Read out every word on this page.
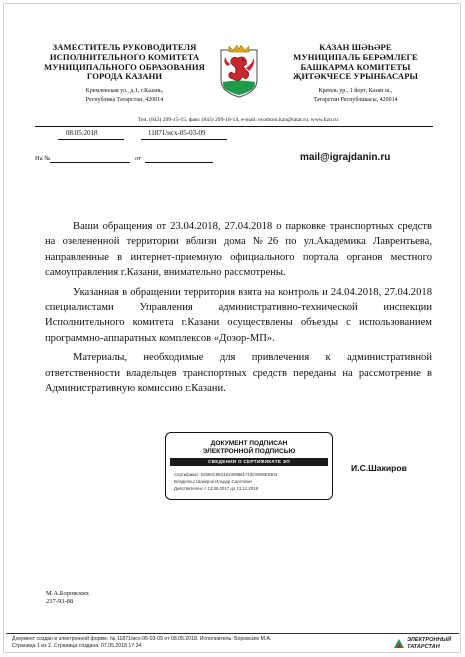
ЗАМЕСТИТЕЛЬ РУКОВОДИТЕЛЯ
ИСПОЛНИТЕЛЬНОГО КОМИТЕТА
МУНИЦИПАЛЬНОГО ОБРАЗОВАНИЯ
ГОРОДА КАЗАНИ
Кремлевская ул., д.1, г.Казань,
Республика Татарстан, 420014
КАЗАН ШӘҺӘРЕ
МУНИЦИПАЛЬ БЕРӘМЛЕГЕ
БАШКАРМА КОМИТЕТЫ
ҖИТӘКЧЕСЕ УРЫНБАСАРЫ
Кремль ур., 1 йорт, Казан ш.,
Татарстан Республикасы, 420014
Тел. (843) 299-15-15, факс (843) 299-18-14, e-mail: ecomom.kzn@tatar.ru, www.kzn.ru
08.05.2018	11871/исх-05-03-09
На №	от	mail@igrajdanin.ru

Ваши обращения от 23.04.2018, 27.04.2018 о парковке транспортных средств на озелененной территории вблизи дома №26 по ул.Академика Лаврентьева, направленные в интернет-приемную официального портала органов местного самоуправления г.Казани, внимательно рассмотрены.

Указанная в обращении территория взята на контроль и 24.04.2018, 27.04.2018 специалистами Управления административно-технической инспекции Исполнительного комитета г.Казани осуществлены объезды с использованием программно-аппаратных комплексов «Дозор-МП».

Материалы, необходимые для привлечения к административной ответственности владельцев транспортных средств переданы на рассмотрение в Административную комиссию г.Казани.

ДОКУМЕНТ ПОДПИСАН
ЭЛЕКТРОННОЙ ПОДПИСЬЮ
СВЕДЕНИЯ О СЕРТИФИКАТЕ ЭП
Сертификат: 02500C8E2102409881710C9008E8303
Владелец: Шакиров Ильдар Сагитович
Действителен: с 13.09.2017 до 13.12.2018
И.С.Шакиров
М.А.Боровских
237-93-88
Документ создан в электронной форме. № 11871/исх-05-03-09 от 08.05.2018. Исполнитель: Боровских М.А.
Страница 1 из 2. Страница создана: 07.05.2018 17:34
ЭЛЕКТРОННЫЙ
ТАТАРСТАН
